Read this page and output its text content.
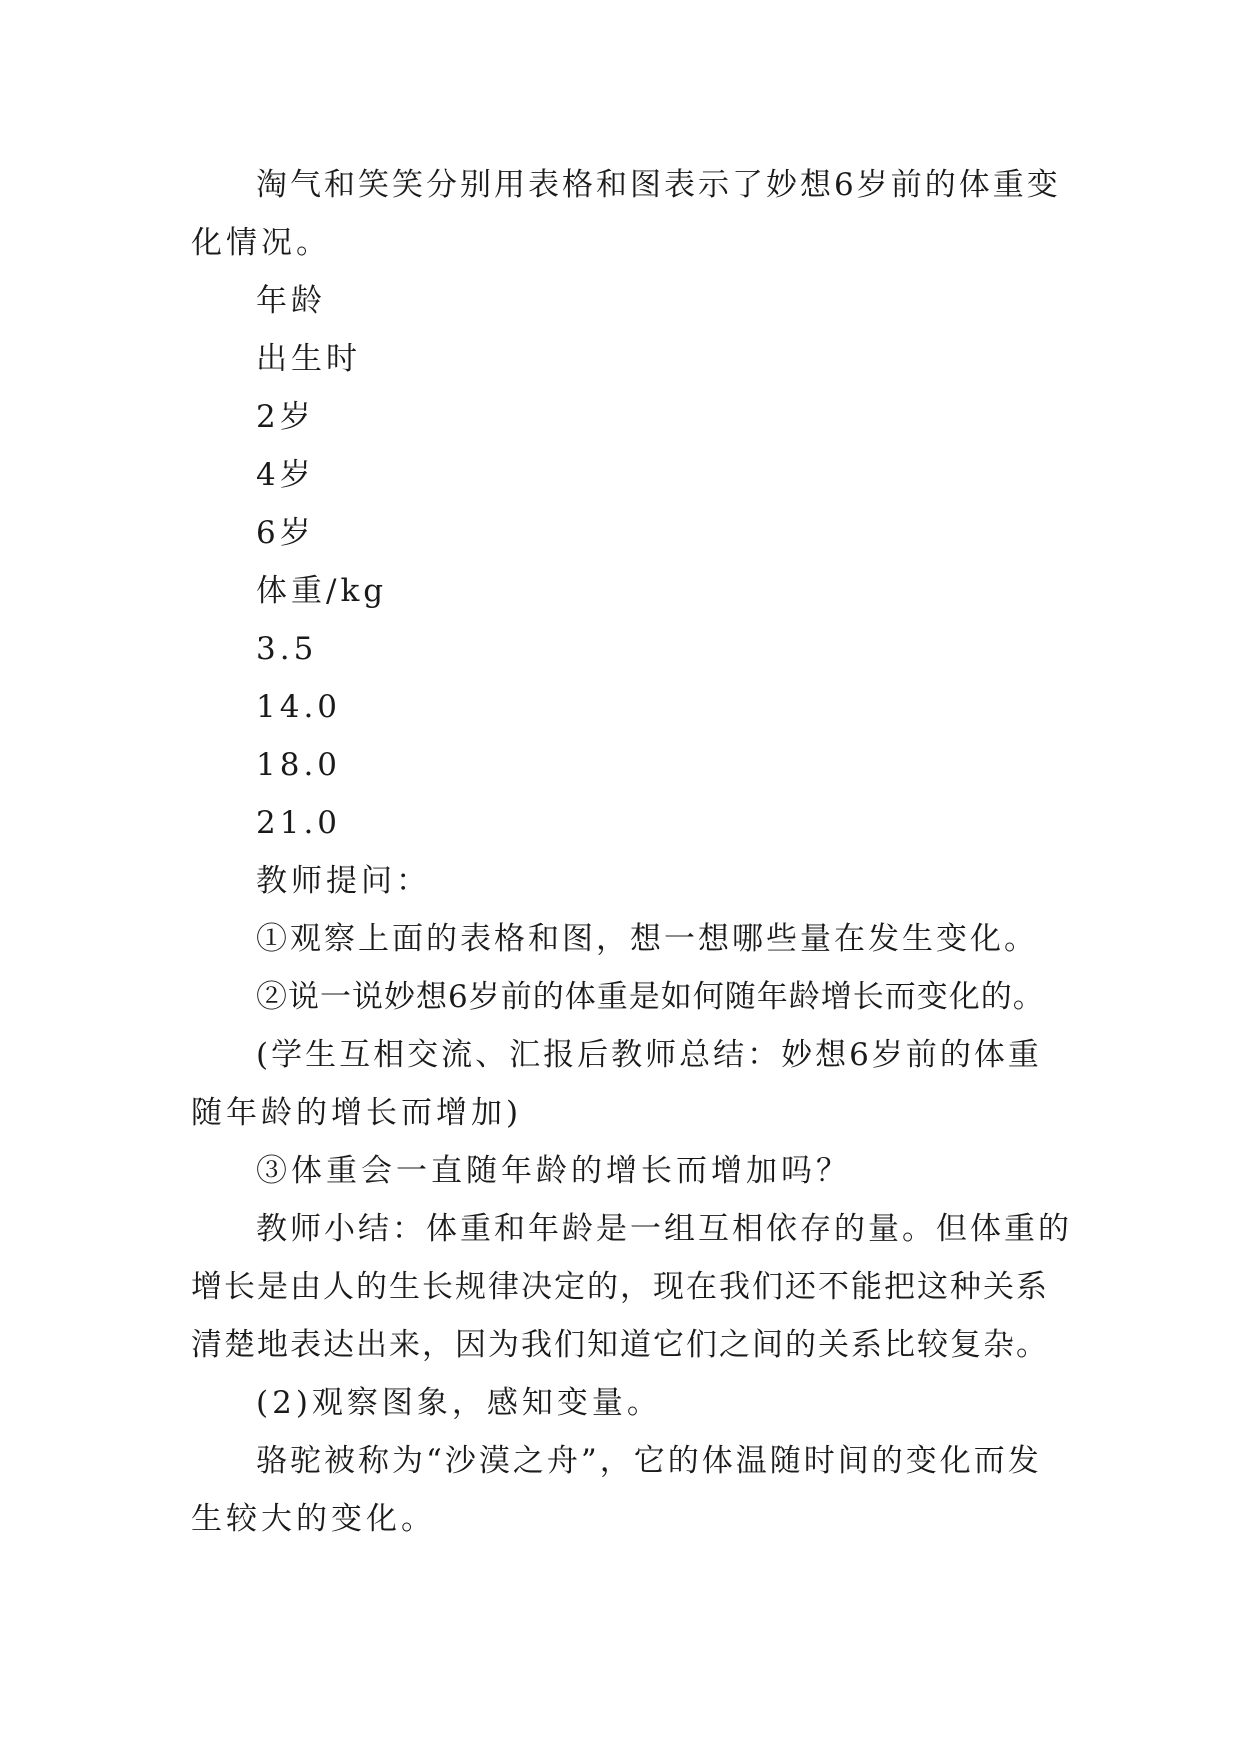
淘气和笑笑分别用表格和图表示了妙想6岁前的体重变
化情况。
年龄
出生时
2岁
4岁
6岁
体重/kg
3.5
14.0
18.0
21.0
教师提问：
①观察上面的表格和图，想一想哪些量在发生变化。
②说一说妙想6岁前的体重是如何随年龄增长而变化的。
(学生互相交流、汇报后教师总结：妙想6岁前的体重
随年龄的增长而增加)
③体重会一直随年龄的增长而增加吗？
教师小结：体重和年龄是一组互相依存的量。但体重的
增长是由人的生长规律决定的，现在我们还不能把这种关系
清楚地表达出来，因为我们知道它们之间的关系比较复杂。
(2)观察图象，感知变量。
骆驼被称为“沙漠之舟”，它的体温随时间的变化而发
生较大的变化。
